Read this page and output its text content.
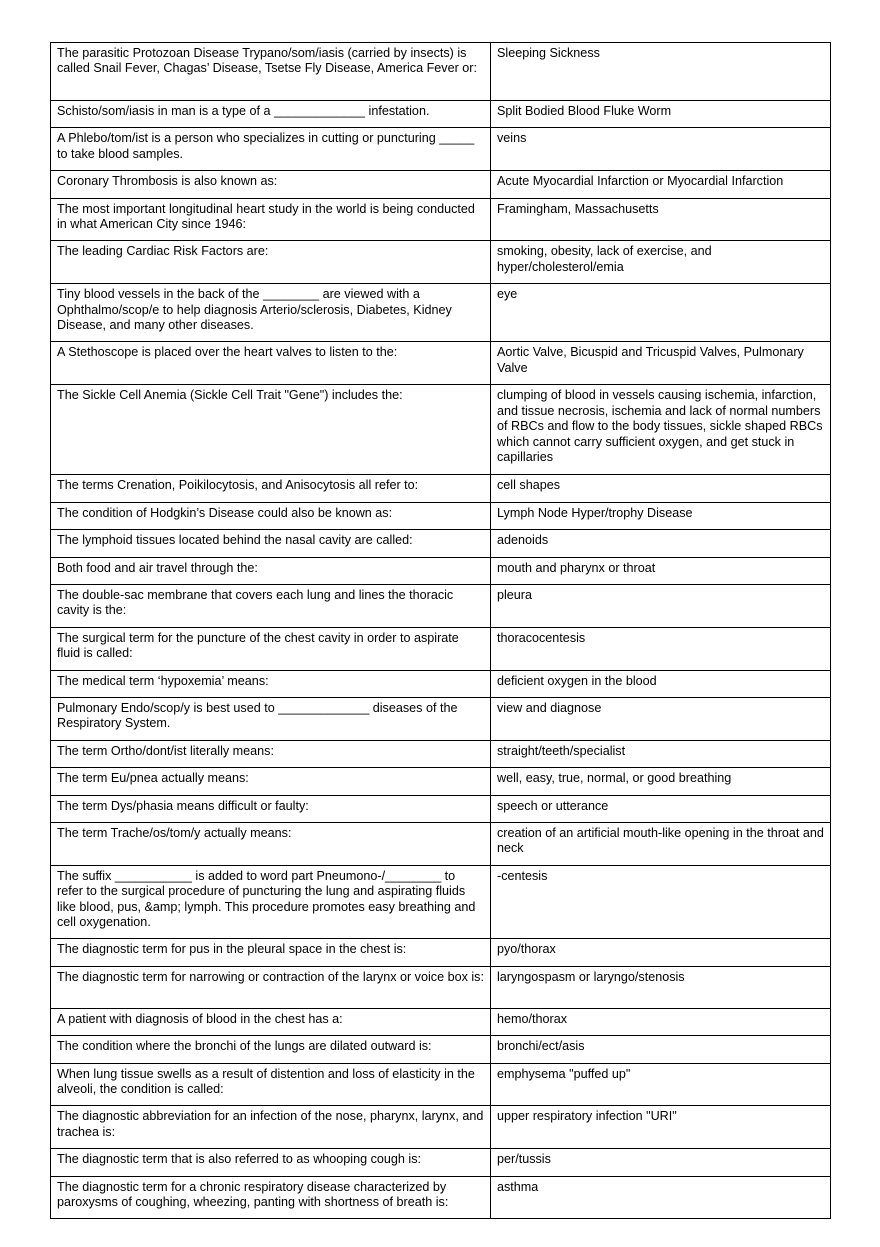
The parasitic Protozoan Disease Trypano/som/iasis (carried by insects) is called Snail Fever, Chagas’ Disease, Tsetse Fly Disease, America Fever or:	Sleeping Sickness
Schisto/som/iasis in man is a type of a _____________ infestation.	Split Bodied Blood Fluke Worm
A Phlebo/tom/ist is a person who specializes in cutting or puncturing _____ to take blood samples.	veins
Coronary Thrombosis is also known as:	Acute Myocardial Infarction or Myocardial Infarction
The most important longitudinal heart study in the world is being conducted in what American City since 1946:	Framingham, Massachusetts
The leading Cardiac Risk Factors are:	smoking, obesity, lack of exercise, and hyper/cholesterol/emia
Tiny blood vessels in the back of the ________ are viewed with a Ophthalmo/scop/e to help diagnosis Arterio/sclerosis, Diabetes, Kidney Disease, and many other diseases.	eye
A Stethoscope is placed over the heart valves to listen to the:	Aortic Valve, Bicuspid and Tricuspid Valves, Pulmonary Valve
The Sickle Cell Anemia (Sickle Cell Trait "Gene") includes the:	clumping of blood in vessels causing ischemia, infarction, and tissue necrosis, ischemia and lack of normal numbers of RBCs and flow to the body tissues, sickle shaped RBCs which cannot carry sufficient oxygen, and get stuck in capillaries
The terms Crenation, Poikilocytosis, and Anisocytosis all refer to:	cell shapes
The condition of Hodgkin’s Disease could also be known as:	Lymph Node Hyper/trophy Disease
The lymphoid tissues located behind the nasal cavity are called:	adenoids
Both food and air travel through the:	mouth and pharynx or throat
The double-sac membrane that covers each lung and lines the thoracic cavity is the:	pleura
The surgical term for the puncture of the chest cavity in order to aspirate fluid is called:	thoracocentesis
The medical term ‘hypoxemia’ means:	deficient oxygen in the blood
Pulmonary Endo/scop/y is best used to _____________ diseases of the Respiratory System.	view and diagnose
The term Ortho/dont/ist literally means:	straight/teeth/specialist
The term Eu/pnea actually means:	well, easy, true, normal, or good breathing
The term Dys/phasia means difficult or faulty:	speech or utterance
The term Trache/os/tom/y actually means:	creation of an artificial mouth-like opening in the throat and neck
The suffix ___________ is added to word part Pneumono-/________ to refer to the surgical procedure of puncturing the lung and aspirating fluids like blood, pus, &amp; lymph. This procedure promotes easy breathing and cell oxygenation.	-centesis
The diagnostic term for pus in the pleural space in the chest is:	pyo/thorax
The diagnostic term for narrowing or contraction of the larynx or voice box is:	laryngospasm or laryngo/stenosis
A patient with diagnosis of blood in the chest has a:	hemo/thorax
The condition where the bronchi of the lungs are dilated outward is:	bronchi/ect/asis
When lung tissue swells as a result of distention and loss of elasticity in the alveoli, the condition is called:	emphysema "puffed up"
The diagnostic abbreviation for an infection of the nose, pharynx, larynx, and trachea is:	upper respiratory infection "URI"
The diagnostic term that is also referred to as whooping cough is:	per/tussis
The diagnostic term for a chronic respiratory disease characterized by paroxysms of coughing, wheezing, panting with shortness of breath is:	asthma
